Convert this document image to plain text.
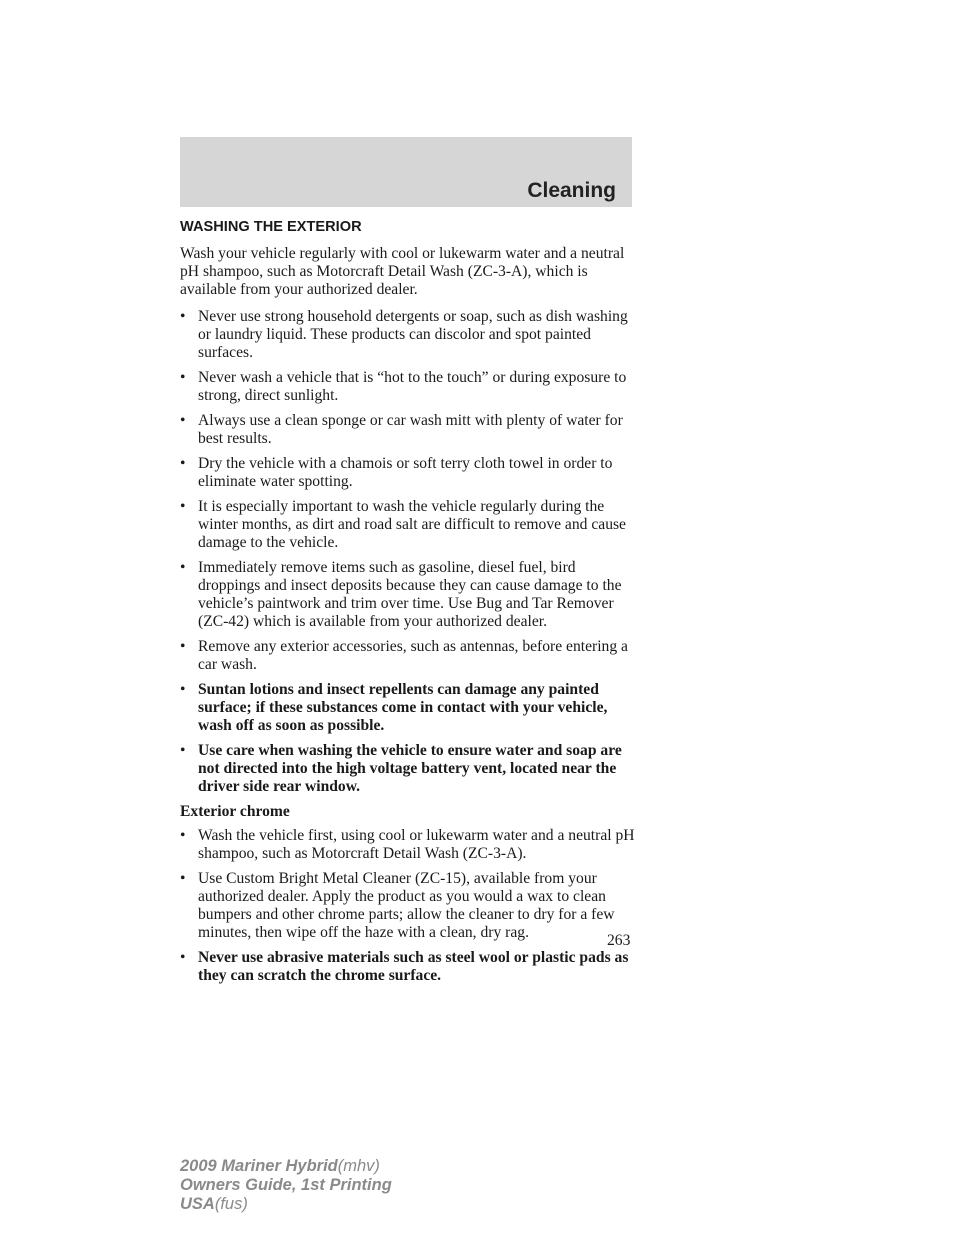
Cleaning
WASHING THE EXTERIOR

Wash your vehicle regularly with cool or lukewarm water and a neutral pH shampoo, such as Motorcraft Detail Wash (ZC-3-A), which is available from your authorized dealer.

• Never use strong household detergents or soap, such as dish washing or laundry liquid. These products can discolor and spot painted surfaces.
• Never wash a vehicle that is “hot to the touch” or during exposure to strong, direct sunlight.
• Always use a clean sponge or car wash mitt with plenty of water for best results.
• Dry the vehicle with a chamois or soft terry cloth towel in order to eliminate water spotting.
• It is especially important to wash the vehicle regularly during the winter months, as dirt and road salt are difficult to remove and cause damage to the vehicle.
• Immediately remove items such as gasoline, diesel fuel, bird droppings and insect deposits because they can cause damage to the vehicle’s paintwork and trim over time. Use Bug and Tar Remover (ZC-42) which is available from your authorized dealer.
• Remove any exterior accessories, such as antennas, before entering a car wash.
• Suntan lotions and insect repellents can damage any painted surface; if these substances come in contact with your vehicle, wash off as soon as possible.
• Use care when washing the vehicle to ensure water and soap are not directed into the high voltage battery vent, located near the driver side rear window.
Exterior chrome
• Wash the vehicle first, using cool or lukewarm water and a neutral pH shampoo, such as Motorcraft Detail Wash (ZC-3-A).
• Use Custom Bright Metal Cleaner (ZC-15), available from your authorized dealer. Apply the product as you would a wax to clean bumpers and other chrome parts; allow the cleaner to dry for a few minutes, then wipe off the haze with a clean, dry rag.
• Never use abrasive materials such as steel wool or plastic pads as they can scratch the chrome surface.
263
2009 Mariner Hybrid(mhv)
Owners Guide, 1st Printing
USA(fus)
